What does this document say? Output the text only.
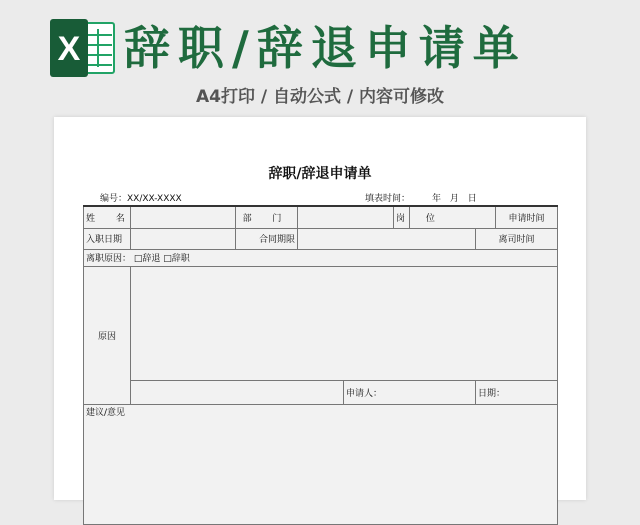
X 辞职/辞退申请单
A4打印 / 自动公式 / 内容可修改
辞职/辞退申请单
编号：XX/XX-XXXX	填表时间： 年 月 日
姓 名		部 门			岗 位			申请时间
入职日期		合同期限					离司时间	
离职原因： □辞退 □辞职								
原因								
				申请人：			日期：	
建议/意见								
